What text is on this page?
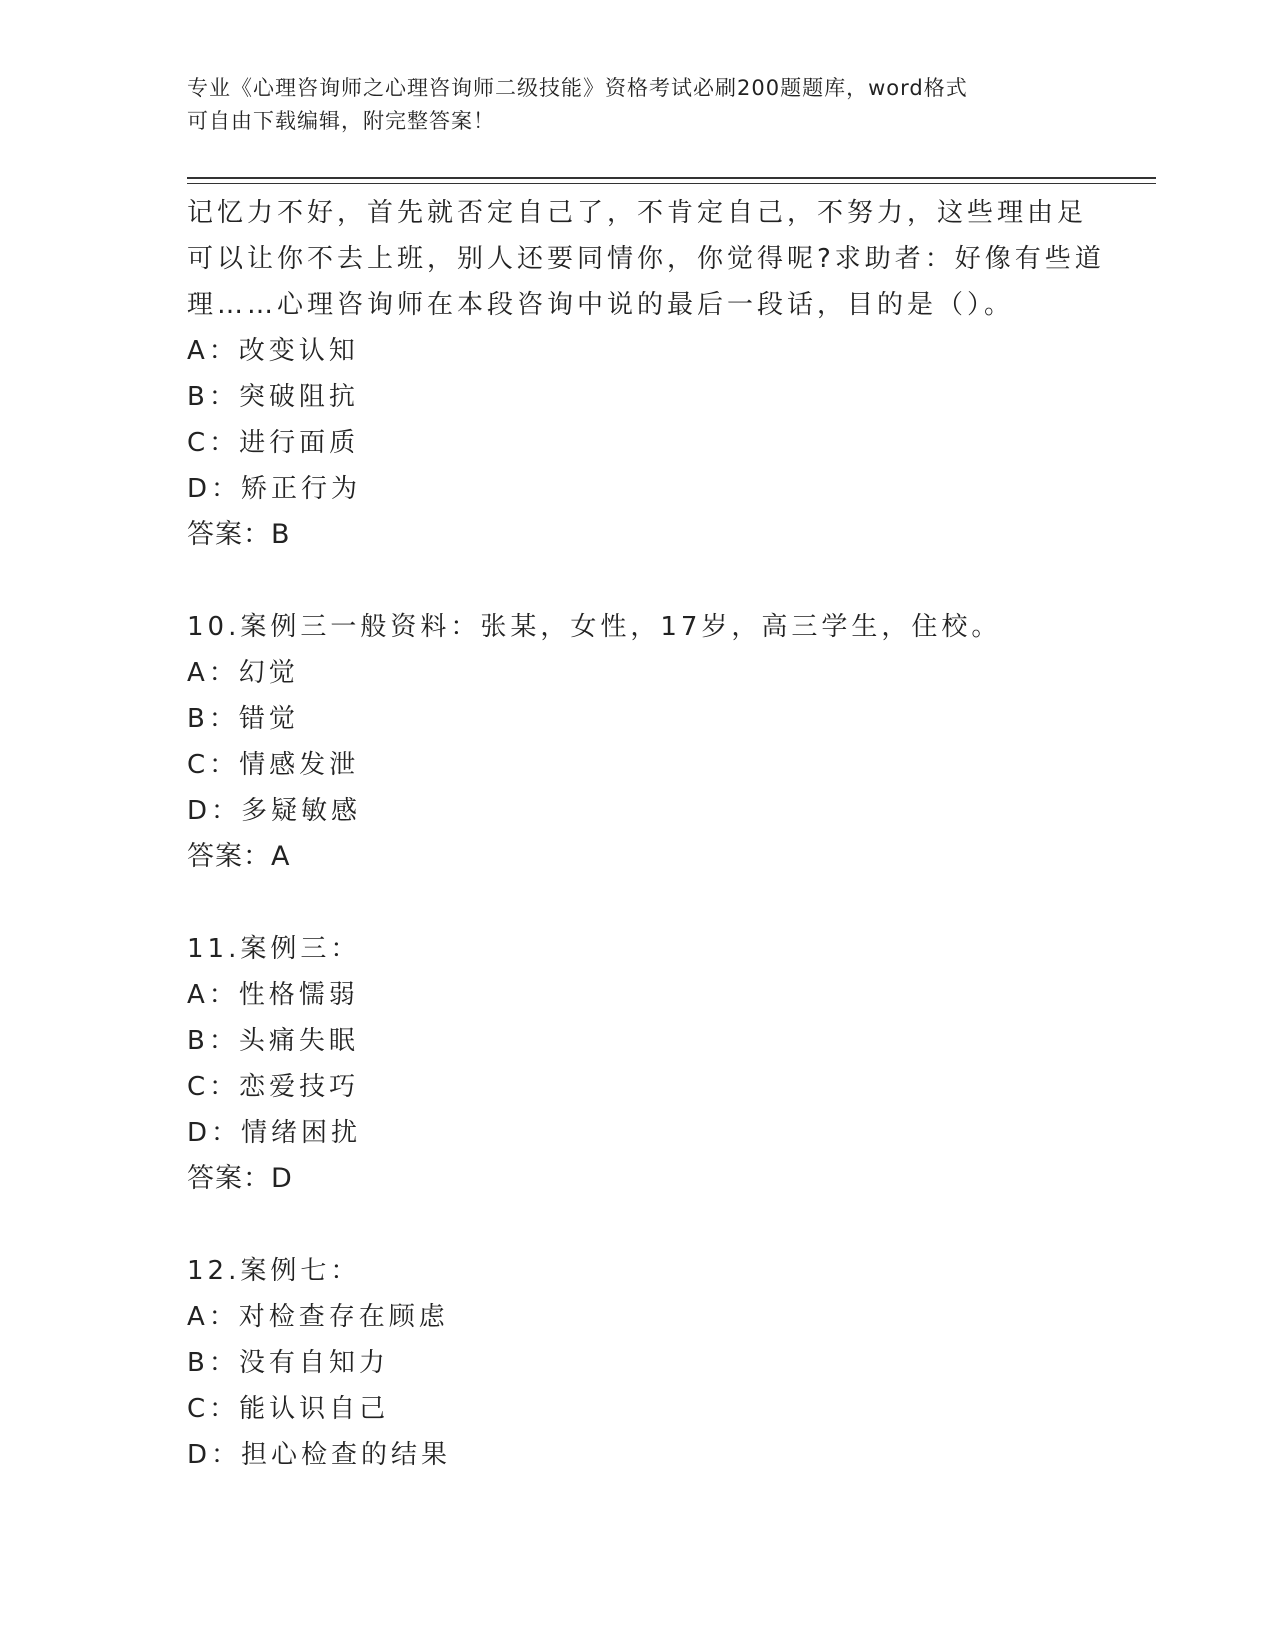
专业《心理咨询师之心理咨询师二级技能》资格考试必刷200题题库，word格式
可自由下载编辑，附完整答案！
记忆力不好，首先就否定自己了，不肯定自己，不努力，这些理由足
可以让你不去上班，别人还要同情你，你觉得呢?求助者：好像有些道
理……心理咨询师在本段咨询中说的最后一段话，目的是（）。
A：改变认知
B：突破阻抗
C：进行面质
D：矫正行为
答案：B
10.案例三一般资料：张某，女性，17岁，高三学生，住校。
A：幻觉
B：错觉
C：情感发泄
D：多疑敏感
答案：A
11.案例三：
A：性格懦弱
B：头痛失眠
C：恋爱技巧
D：情绪困扰
答案：D
12.案例七：
A：对检查存在顾虑
B：没有自知力
C：能认识自己
D：担心检查的结果
